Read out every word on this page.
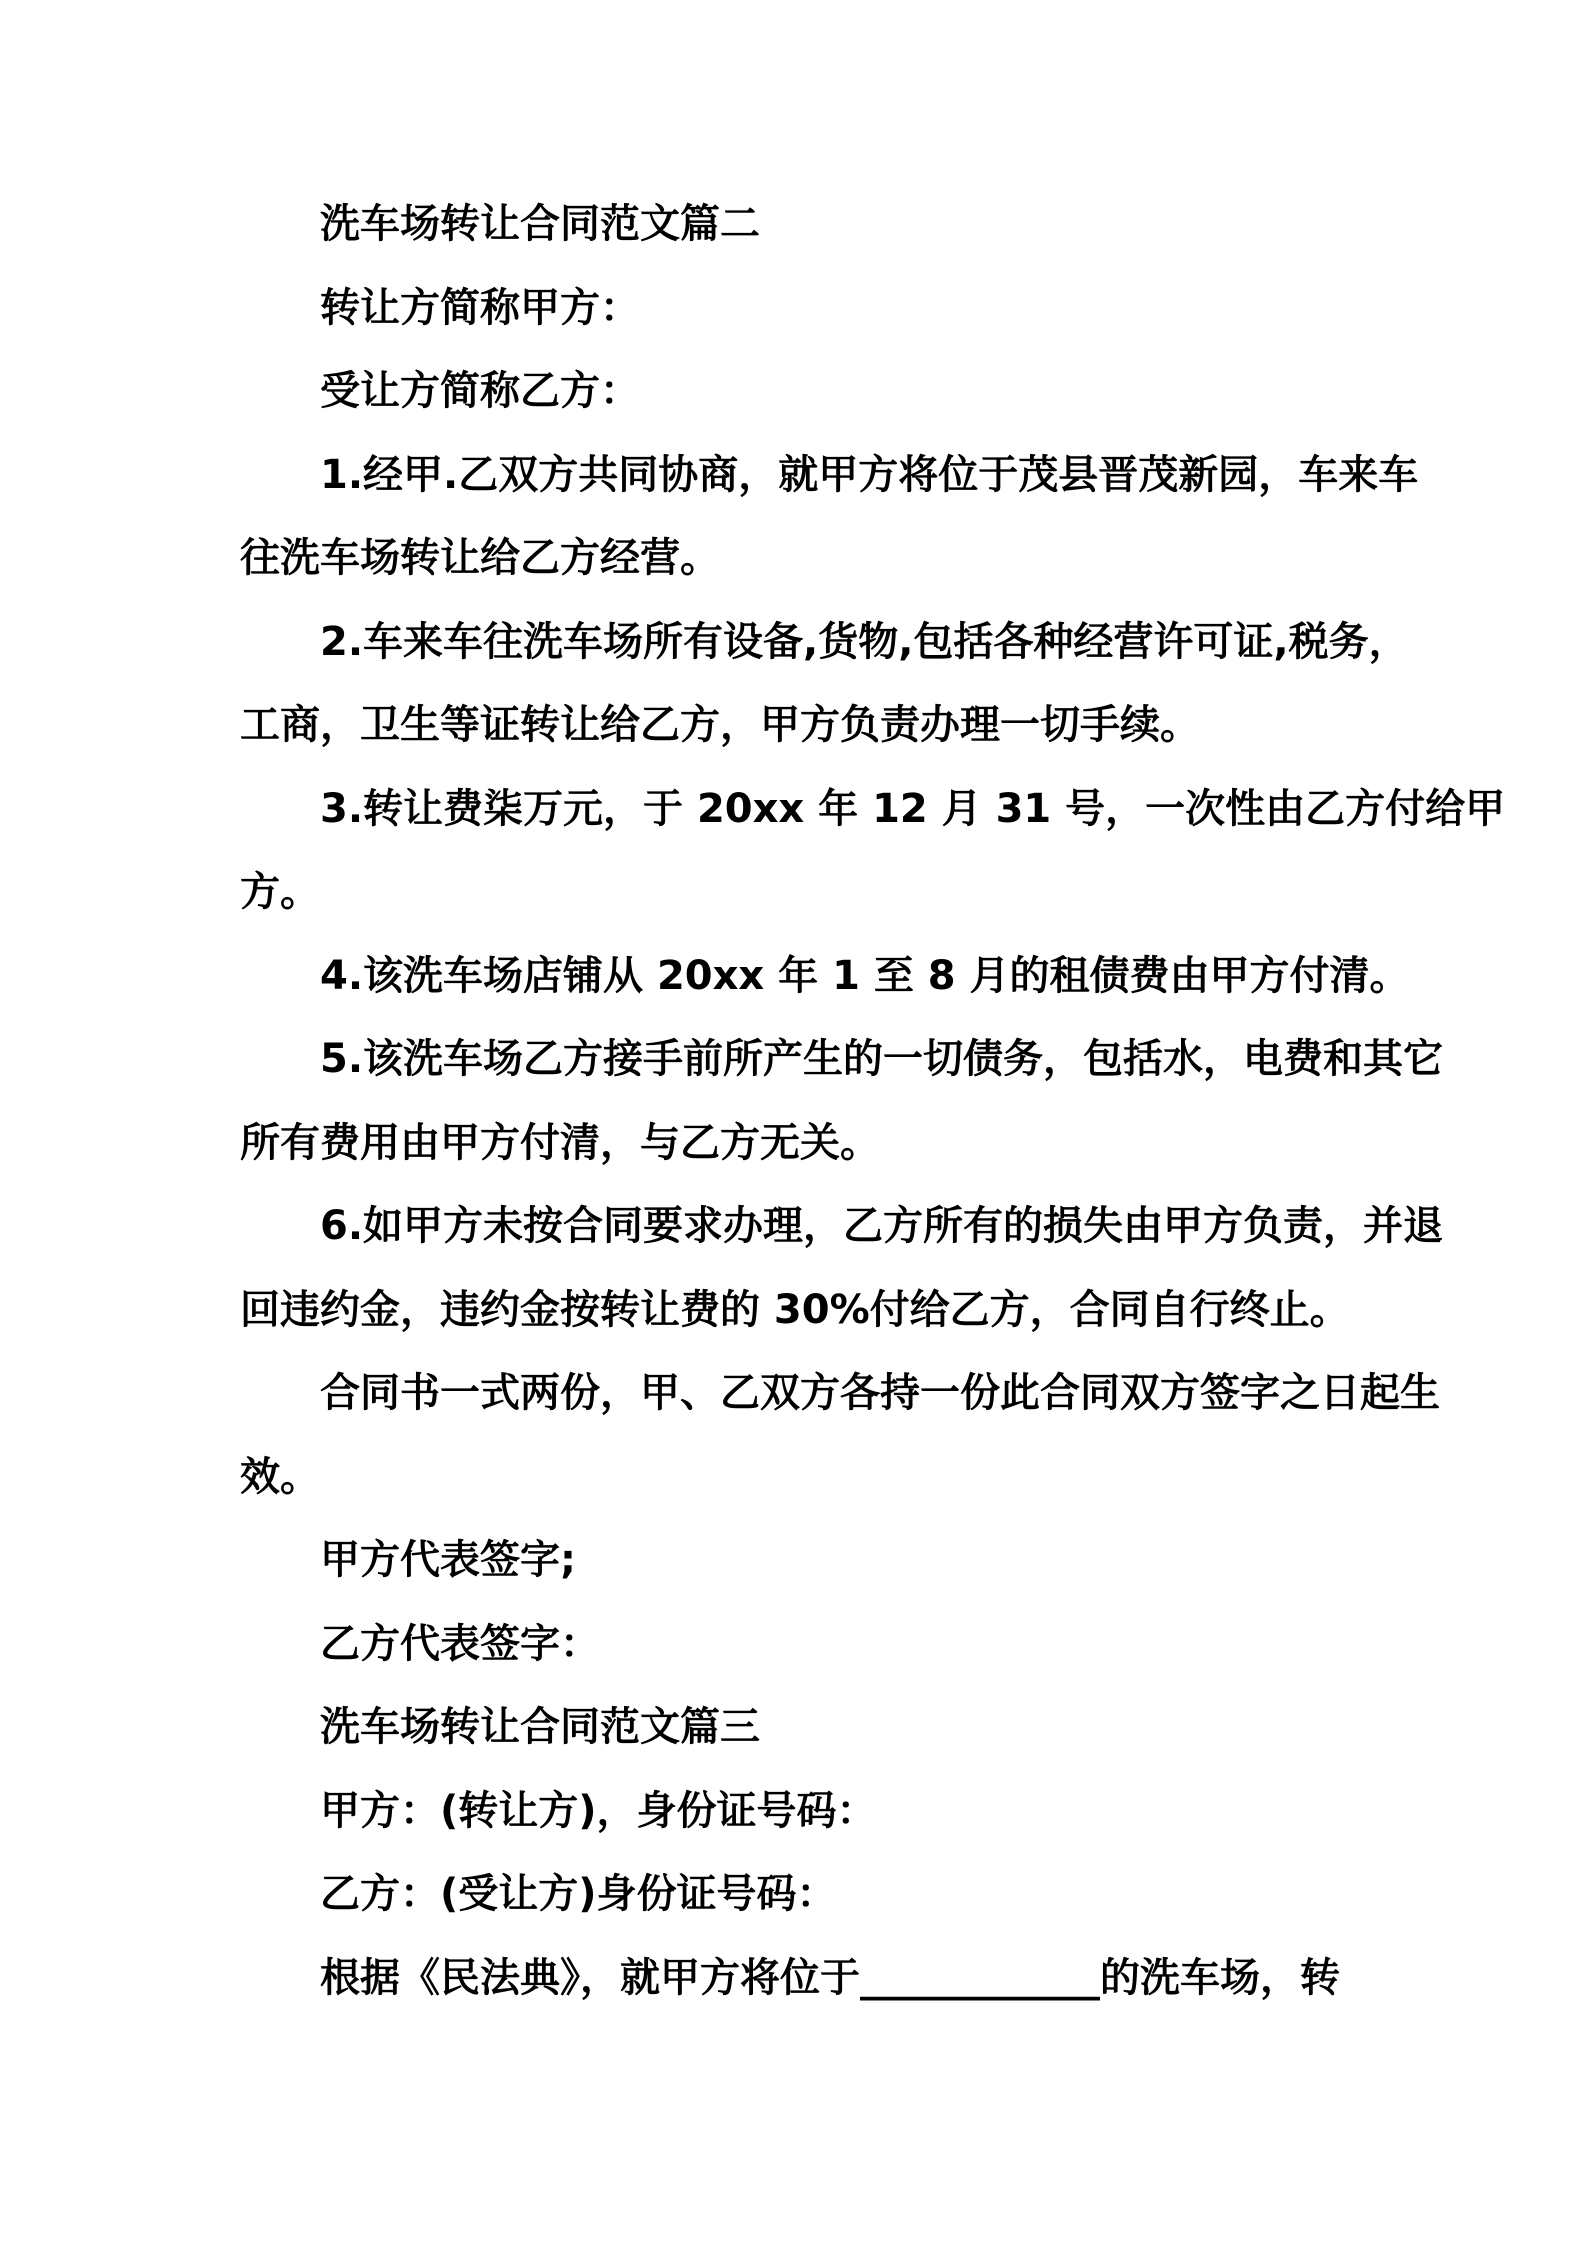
洗车场转让合同范文篇二
转让方简称甲方：
受让方简称乙方：
1.经甲.乙双方共同协商，就甲方将位于茂县晋茂新园，车来车
往洗车场转让给乙方经营。
2.车来车往洗车场所有设备,货物,包括各种经营许可证,税务，
工商，卫生等证转让给乙方，甲方负责办理一切手续。
3.转让费柒万元，于 20xx 年 12 月 31 号，一次性由乙方付给甲
方。
4.该洗车场店铺从 20xx 年 1 至 8 月的租债费由甲方付清。
5.该洗车场乙方接手前所产生的一切债务，包括水，电费和其它
所有费用由甲方付清，与乙方无关。
6.如甲方未按合同要求办理，乙方所有的损失由甲方负责，并退
回违约金，违约金按转让费的 30%付给乙方，合同自行终止。
合同书一式两份，甲、乙双方各持一份此合同双方签字之日起生
效。
甲方代表签字;
乙方代表签字：
洗车场转让合同范文篇三
甲方：(转让方)，身份证号码：
乙方：(受让方)身份证号码：
根据《民法典》，就甲方将位于____________的洗车场，转
